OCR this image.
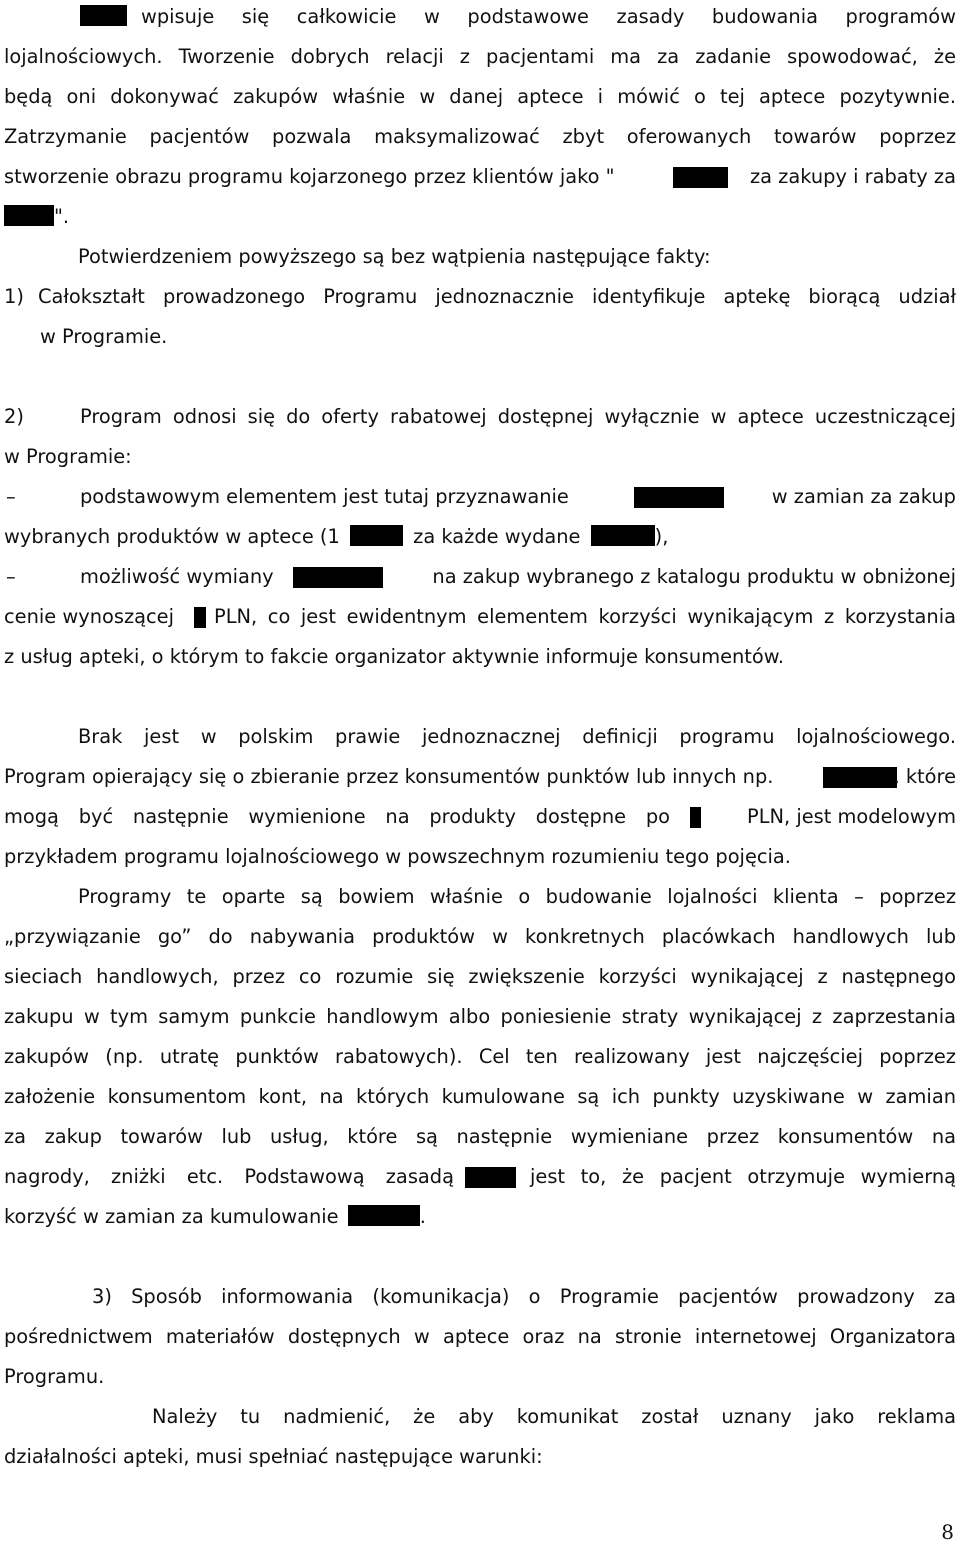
wpisuje się całkowicie w podstawowe zasady budowania programów
lojalnościowych. Tworzenie dobrych relacji z pacjentami ma za zadanie spowodować, że
będą oni dokonywać zakupów właśnie w danej aptece i mówić o tej aptece pozytywnie.
Zatrzymanie pacjentów pozwala maksymalizować zbyt oferowanych towarów poprzez
stworzenie obrazu programu kojarzonego przez klientów jako "	za zakupy i rabaty za
".
Potwierdzeniem powyższego są bez wątpienia następujące fakty:
1) Całokształt prowadzonego Programu jednoznacznie identyfikuje aptekę biorącą udział
w Programie.
2)	Program odnosi się do oferty rabatowej dostępnej wyłącznie w aptece uczestniczącej
w Programie:
–	podstawowym elementem jest tutaj przyznawanie	w zamian za zakup
wybranych produktów w aptece (1	za każde wydane	),
–	możliwość wymiany	na zakup wybranego z katalogu produktu w obniżonej
cenie wynoszącej PLN, co jest ewidentnym elementem korzyści wynikającym z korzystania
z usług apteki, o którym to fakcie organizator aktywnie informuje konsumentów.
Brak jest w polskim prawie jednoznacznej definicji programu lojalnościowego.
Program opierający się o zbieranie przez konsumentów punktów lub innych np.	, które
mogą być następnie wymienione na produkty dostępne po	PLN, jest modelowym
przykładem programu lojalnościowego w powszechnym rozumieniu tego pojęcia.
Programy te oparte są bowiem właśnie o budowanie lojalności klienta – poprzez
„przywiązanie go” do nabywania produktów w konkretnych placówkach handlowych lub
sieciach handlowych, przez co rozumie się zwiększenie korzyści wynikającej z następnego
zakupu w tym samym punkcie handlowym albo poniesienie straty wynikającej z zaprzestania
zakupów (np. utratę punktów rabatowych). Cel ten realizowany jest najczęściej poprzez
założenie konsumentom kont, na których kumulowane są ich punkty uzyskiwane w zamian
za zakup towarów lub usług, które są następnie wymieniane przez konsumentów na
nagrody, zniżki etc. Podstawową zasadą	jest to, że pacjent otrzymuje wymierną
korzyść w zamian za kumulowanie	.
3) Sposób informowania (komunikacja) o Programie pacjentów prowadzony za
pośrednictwem materiałów dostępnych w aptece oraz na stronie internetowej Organizatora
Programu.
Należy tu nadmienić, że aby komunikat został uznany jako reklama
działalności apteki, musi spełniać następujące warunki:
8
